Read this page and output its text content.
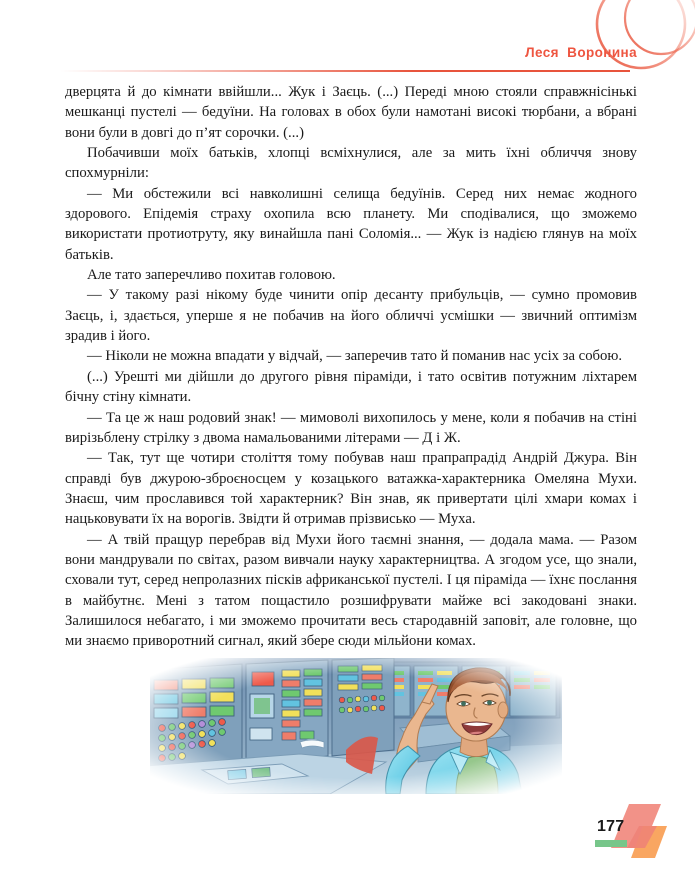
Леся  Воронина

дверцята й до кімнати ввійшли... Жук і Заєць. (...) Переді мною стояли справжнісінькі мешканці пустелі — бедуїни. На головах в обох були намотані високі тюрбани, а вбрані вони були в довгі до п’ят сорочки. (...)

Побачивши моїх батьків, хлопці всміхнулися, але за мить їхні обличчя знову спохмурніли:

— Ми обстежили всі навколишні селища бедуїнів. Серед них немає жодного здорового. Епідемія страху охопила всю планету. Ми сподівалися, що зможемо використати протиотруту, яку винайшла пані Соломія... — Жук із надією глянув на моїх батьків.

Але тато заперечливо похитав головою.

— У такому разі нікому буде чинити опір десанту прибульців, — сумно промовив Заєць, і, здається, уперше я не побачив на його обличчі усмішки — звичний оптимізм зрадив і його.

— Ніколи не можна впадати у відчай, — заперечив тато й поманив нас усіх за собою.

(...) Урешті ми дійшли до другого рівня піраміди, і тато освітив потужним ліхтарем бічну стіну кімнати.

— Та це ж наш родовий знак! — мимоволі вихопилось у мене, коли я побачив на стіні вирізьблену стрілку з двома намальованими літерами — Д і Ж.

— Так, тут ще чотири століття тому побував наш прапрапрадід Андрій Джура. Він справді був джурою-зброєносцем у козацького ватажка-характерника Омеляна Мухи. Знаєш, чим прославився той характерник? Він знав, як привертати цілі хмари комах і нацьковувати їх на ворогів. Звідти й отримав прізвисько — Муха.

— А твій пращур перебрав від Мухи його таємні знання, — додала мама. — Разом вони мандрували по світах, разом вивчали науку характерництва. А згодом усе, що знали, сховали тут, серед непролазних пісків африканської пустелі. І ця піраміда — їхнє послання в майбутнє. Мені з татом пощастило розшифрувати майже всі закодовані знаки. Залишилося небагато, і ми зможемо прочитати весь стародавній заповіт, але головне, що ми знаємо приворотний сигнал, який збере сюди мільйони комах.

177
